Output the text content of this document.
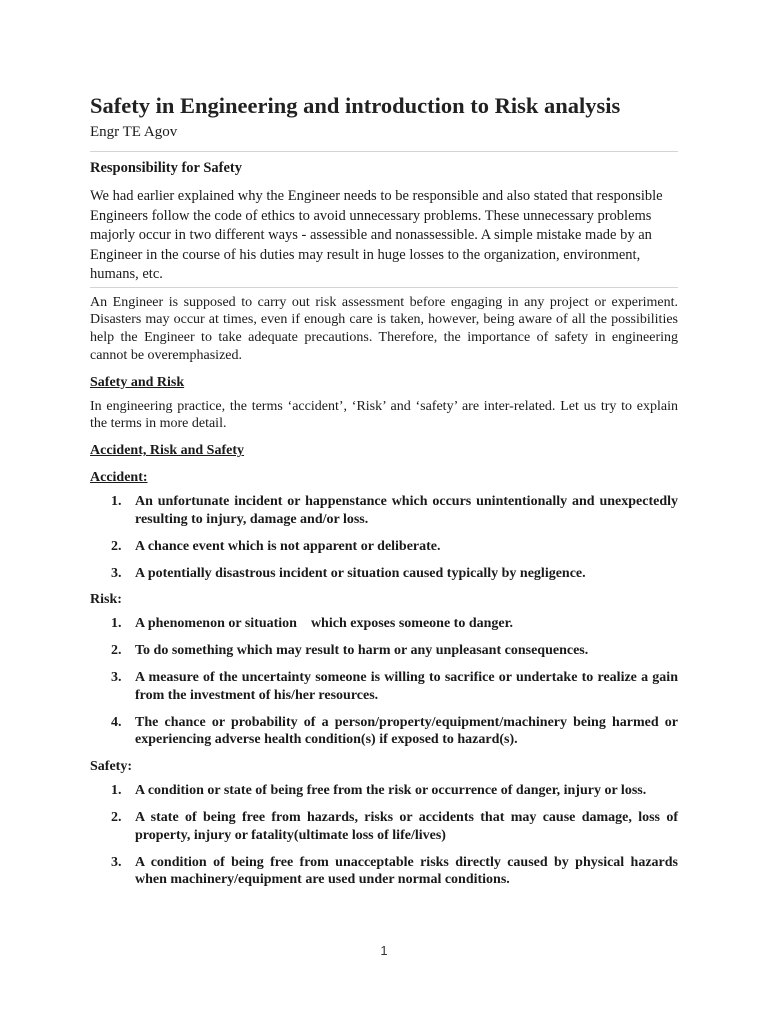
Safety in Engineering and introduction to Risk analysis
Engr TE Agov
Responsibility for Safety
We had earlier explained why the Engineer needs to be responsible and also stated that responsible Engineers follow the code of ethics to avoid unnecessary problems. These unnecessary problems majorly occur in two different ways - assessible and nonassessible. A simple mistake made by an Engineer in the course of his duties may result in huge losses to the organization, environment, humans, etc.

An Engineer is supposed to carry out risk assessment before engaging in any project or experiment. Disasters may occur at times, even if enough care is taken, however, being aware of all the possibilities help the Engineer to take adequate precautions. Therefore, the importance of safety in engineering cannot be overemphasized.

Safety and Risk

In engineering practice, the terms ‘accident’, ‘Risk’ and ‘safety’ are inter-related. Let us try to explain the terms in more detail.

Accident, Risk and Safety
Accident:
1. An unfortunate incident or happenstance which occurs unintentionally and unexpectedly resulting to injury, damage and/or loss.
2. A chance event which is not apparent or deliberate.
3. A potentially disastrous incident or situation caused typically by negligence.
Risk:
1. A phenomenon or situation    which exposes someone to danger.
2. To do something which may result to harm or any unpleasant consequences.
3. A measure of the uncertainty someone is willing to sacrifice or undertake to realize a gain from the investment of his/her resources.
4. The chance or probability of a person/property/equipment/machinery being harmed or experiencing adverse health condition(s) if exposed to hazard(s).
Safety:
1. A condition or state of being free from the risk or occurrence of danger, injury or loss.
2. A state of being free from hazards, risks or accidents that may cause damage, loss of property, injury or fatality(ultimate loss of life/lives)
3. A condition of being free from unacceptable risks directly caused by physical hazards when machinery/equipment are used under normal conditions.
1
